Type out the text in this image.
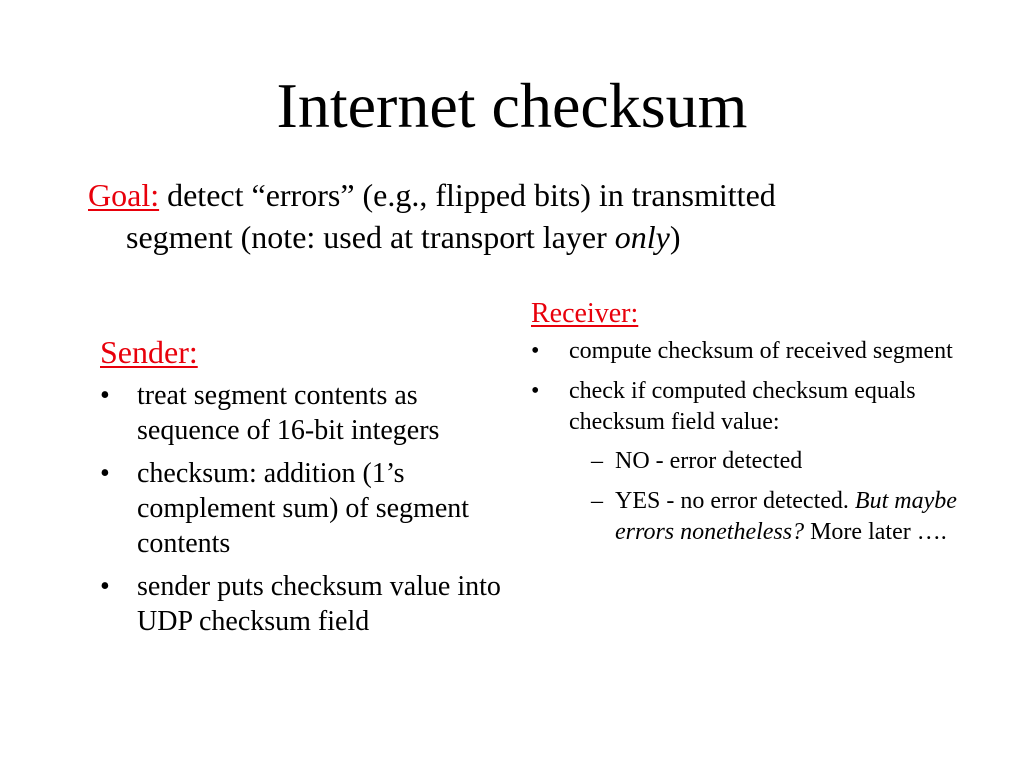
Internet checksum
Goal: detect “errors” (e.g., flipped bits) in transmitted
segment (note: used at transport layer only)
Sender:
• treat segment contents as sequence of 16-bit integers
• checksum: addition (1’s complement sum) of segment contents
• sender puts checksum value into UDP checksum field
Receiver:
• compute checksum of received segment
• check if computed checksum equals checksum field value:
– NO - error detected
– YES - no error detected. But maybe errors nonetheless? More later ….
